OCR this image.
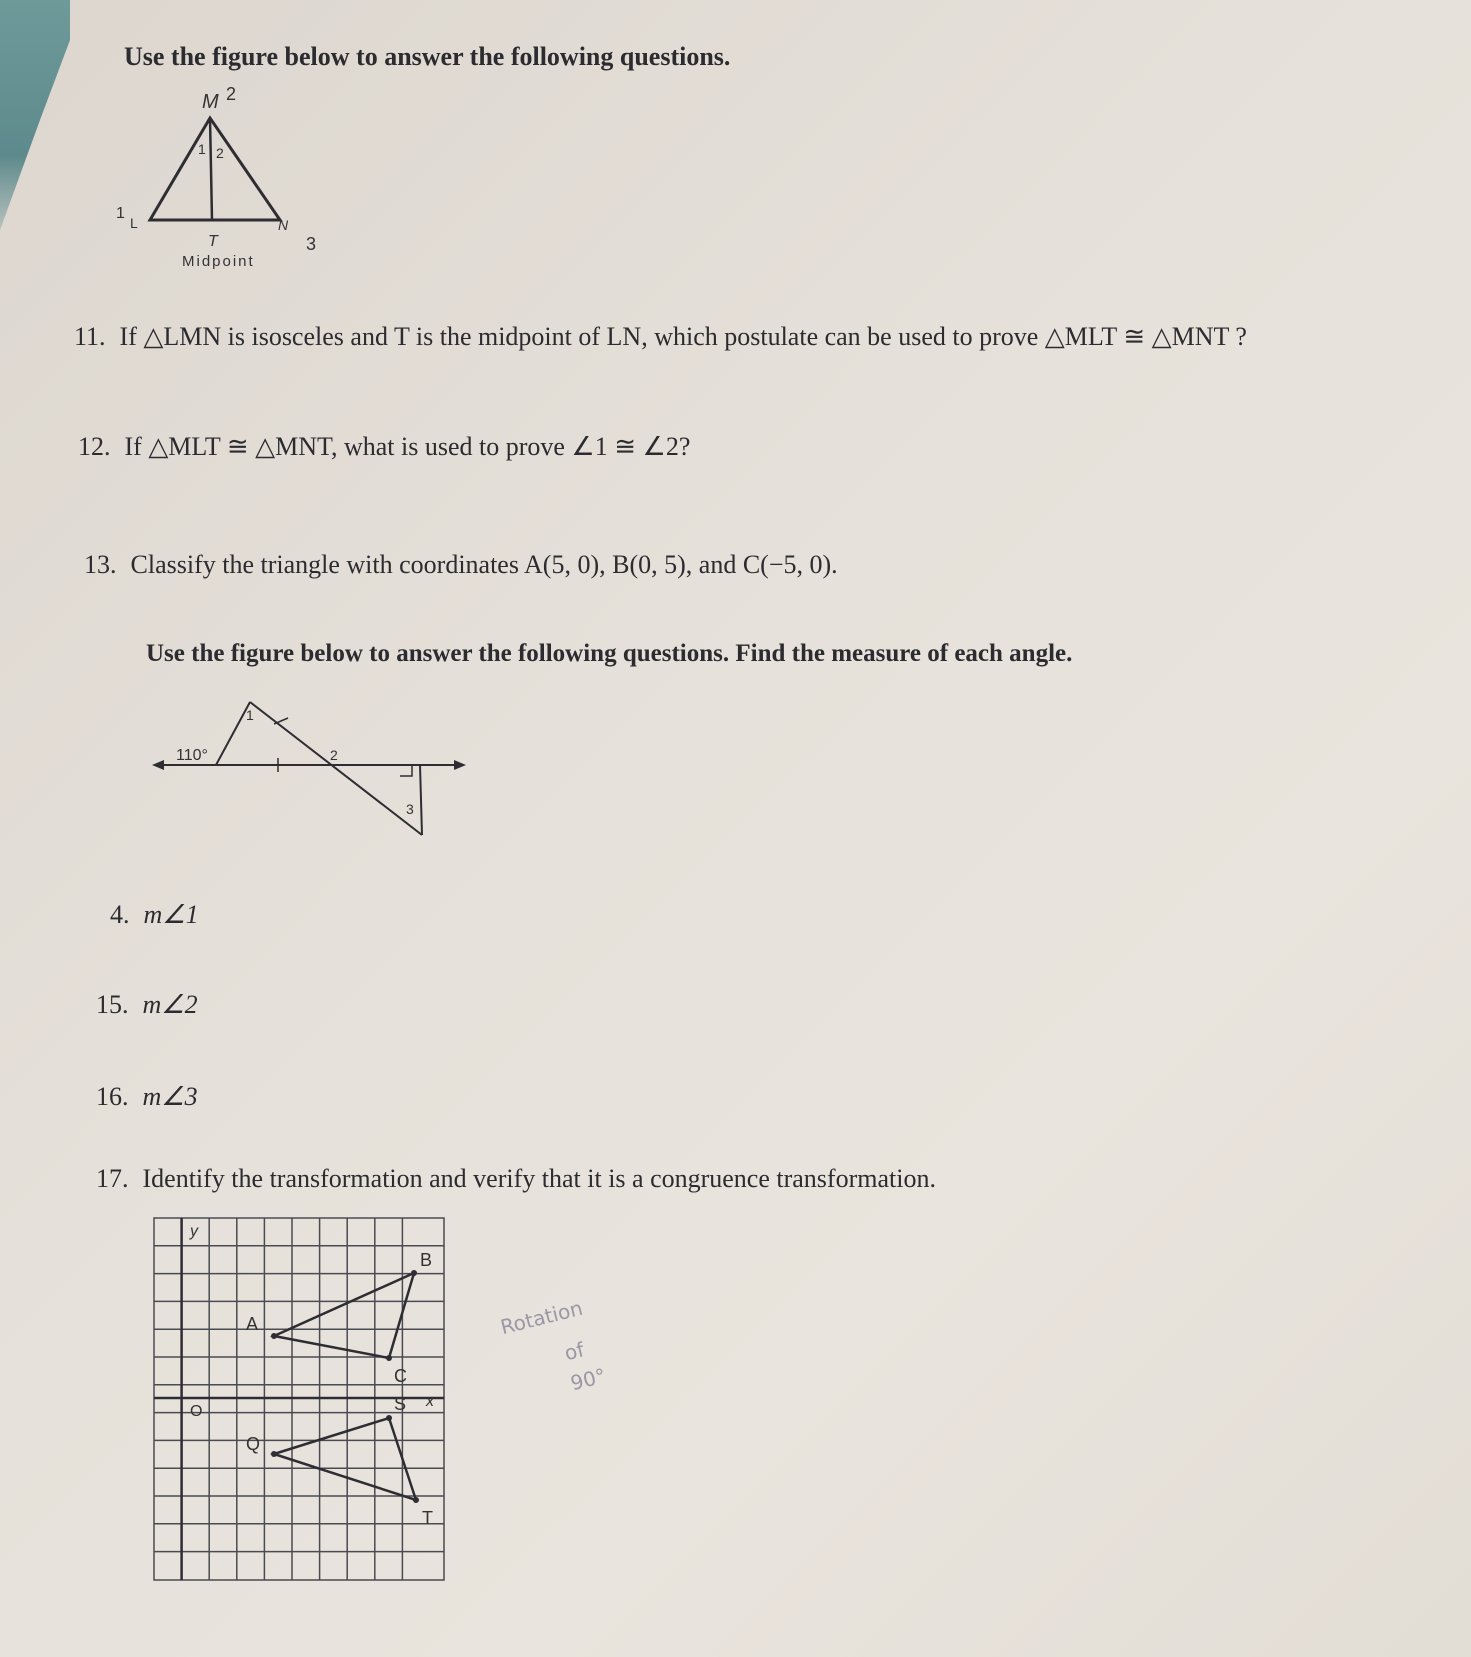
Use the figure below to answer the following questions.
M
L	N
T
1 2
2
1
3
Midpoint
11. If △LMN is isosceles and T is the midpoint of LN, which postulate can be used to prove △MLT ≅ △MNT ?
12. If △MLT ≅ △MNT, what is used to prove ∠1 ≅ ∠2?
13. Classify the triangle with coordinates A(5, 0), B(0, 5), and C(−5, 0).
Use the figure below to answer the following questions. Find the measure of each angle.
110°
1
2
3
4. m∠1
15. m∠2
16. m∠3
17. Identify the transformation and verify that it is a congruence transformation.
y
x
O
A
B
C
Q
S
T
Rotation
of
90°
